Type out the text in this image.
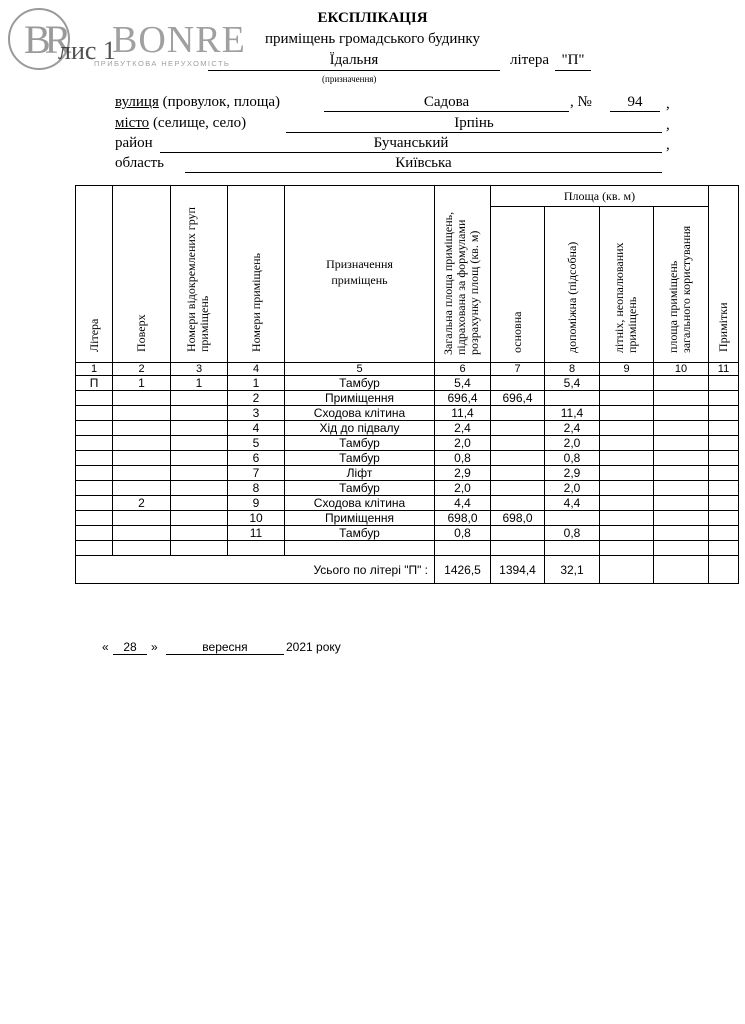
BR BONRE
ПРИБУТКОВА НЕРУХОМІСТЬ
лис 1
ЕКСПЛІКАЦІЯ
приміщень громадського будинку
Їдальня
(призначення)
літера "П"
вулиця (провулок, площа)	Садова	, №	94	,
місто (селище, село)	Ірпінь	,
район	Бучанський	,
область	Київська
Літера	Поверх	Номери відокремлених груп приміщень	Номери приміщень	Призначення приміщень	Загальна площа приміщень, підрахована за формулами розрахунку площ (кв. м)	Площа (кв. м)				Примітки
						основна	допоміжна (підсобна)	літніх, неопалюваних приміщень	площа приміщень загального користування	
1	2	3	4	5	6	7	8	9	10	11
П	1	1	1	Тамбур	5,4		5,4			
			2	Приміщення	696,4	696,4				
			3	Сходова клітина	11,4		11,4			
			4	Хід до підвалу	2,4		2,4			
			5	Тамбур	2,0		2,0			
			6	Тамбур	0,8		0,8			
			7	Ліфт	2,9		2,9			
			8	Тамбур	2,0		2,0			
	2		9	Сходова клітина	4,4		4,4			
			10	Приміщення	698,0	698,0				
			11	Тамбур	0,8		0,8			

Усього по літері "П" :					1426,5	1394,4	32,1			
«	28	»	вересня	2021 року
